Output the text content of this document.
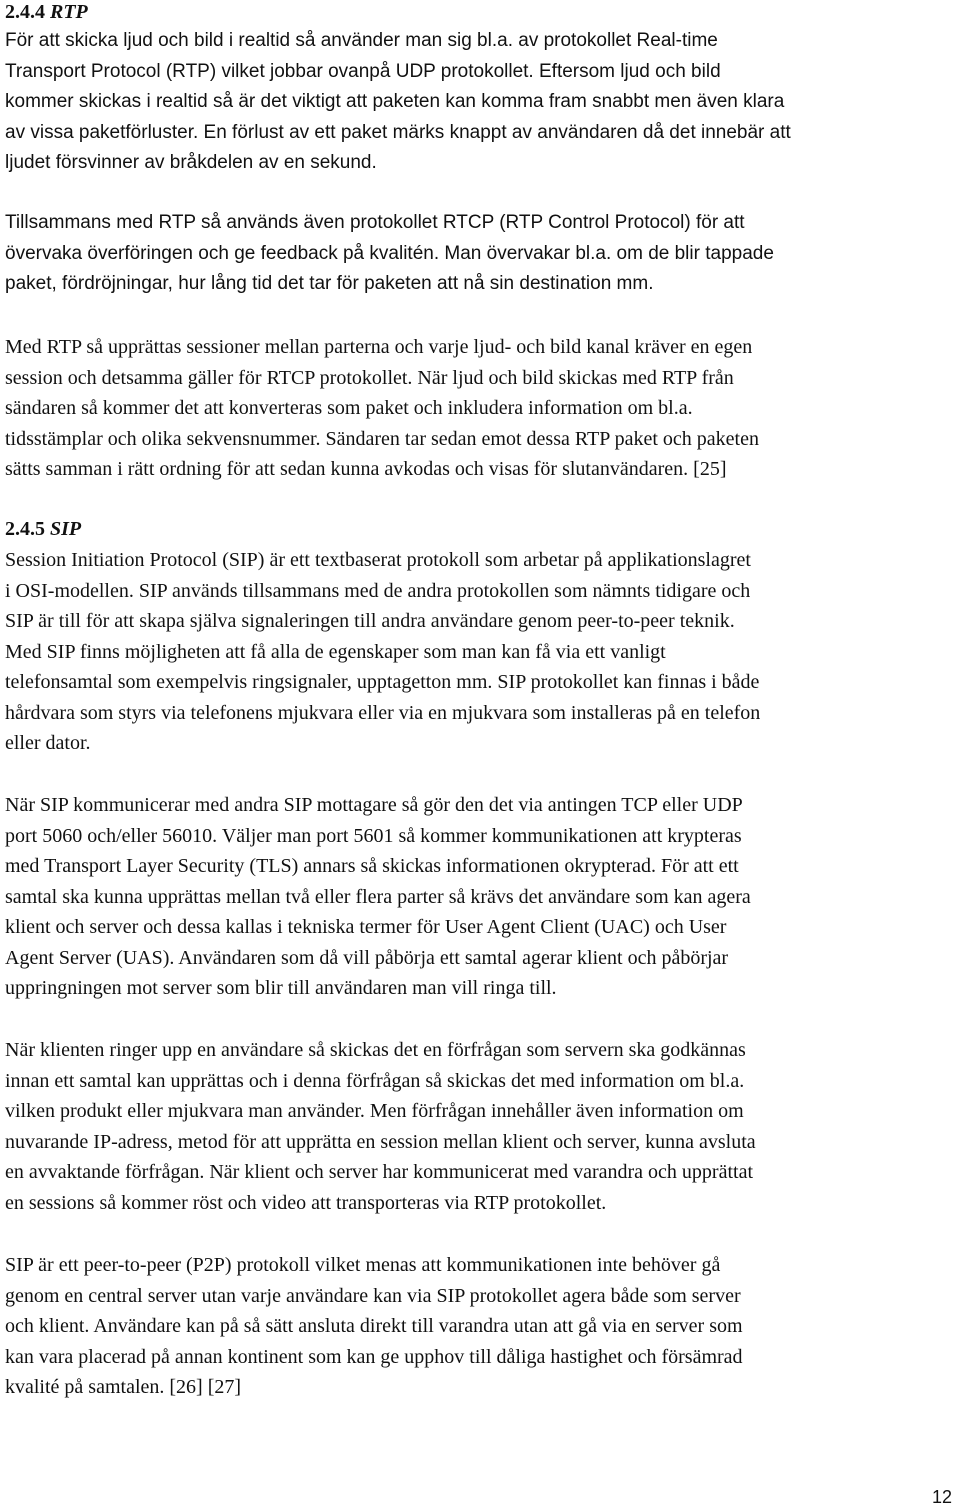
2.4.4 RTP

För att skicka ljud och bild i realtid så använder man sig bl.a. av protokollet Real-time
Transport Protocol (RTP) vilket jobbar ovanpå UDP protokollet. Eftersom ljud och bild
kommer skickas i realtid så är det viktigt att paketen kan komma fram snabbt men även klara
av vissa paketförluster. En förlust av ett paket märks knappt av användaren då det innebär att
ljudet försvinner av bråkdelen av en sekund.

Tillsammans med RTP så används även protokollet RTCP (RTP Control Protocol) för att
övervaka överföringen och ge feedback på kvalitén. Man övervakar bl.a. om de blir tappade
paket, fördröjningar, hur lång tid det tar för paketen att nå sin destination mm.

Med RTP så upprättas sessioner mellan parterna och varje ljud- och bild kanal kräver en egen
session och detsamma gäller för RTCP protokollet. När ljud och bild skickas med RTP från
sändaren så kommer det att konverteras som paket och inkludera information om bl.a.
tidsstämplar och olika sekvensnummer. Sändaren tar sedan emot dessa RTP paket och paketen
sätts samman i rätt ordning för att sedan kunna avkodas och visas för slutanvändaren. [25]

2.4.5 SIP

Session Initiation Protocol (SIP) är ett textbaserat protokoll som arbetar på applikationslagret
i OSI-modellen. SIP används tillsammans med de andra protokollen som nämnts tidigare och
SIP är till för att skapa själva signaleringen till andra användare genom peer-to-peer teknik.
Med SIP finns möjligheten att få alla de egenskaper som man kan få via ett vanligt
telefonsamtal som exempelvis ringsignaler, upptagetton mm. SIP protokollet kan finnas i både
hårdvara som styrs via telefonens mjukvara eller via en mjukvara som installeras på en telefon
eller dator.

När SIP kommunicerar med andra SIP mottagare så gör den det via antingen TCP eller UDP
port 5060 och/eller 56010. Väljer man port 5601 så kommer kommunikationen att krypteras
med Transport Layer Security (TLS) annars så skickas informationen okrypterad. För att ett
samtal ska kunna upprättas mellan två eller flera parter så krävs det användare som kan agera
klient och server och dessa kallas i tekniska termer för User Agent Client (UAC) och User
Agent Server (UAS). Användaren som då vill påbörja ett samtal agerar klient och påbörjar
uppringningen mot server som blir till användaren man vill ringa till.

När klienten ringer upp en användare så skickas det en förfrågan som servern ska godkännas
innan ett samtal kan upprättas och i denna förfrågan så skickas det med information om bl.a.
vilken produkt eller mjukvara man använder. Men förfrågan innehåller även information om
nuvarande IP-adress, metod för att upprätta en session mellan klient och server, kunna avsluta
en avvaktande förfrågan. När klient och server har kommunicerat med varandra och upprättat
en sessions så kommer röst och video att transporteras via RTP protokollet.

SIP är ett peer-to-peer (P2P) protokoll vilket menas att kommunikationen inte behöver gå
genom en central server utan varje användare kan via SIP protokollet agera både som server
och klient. Användare kan på så sätt ansluta direkt till varandra utan att gå via en server som
kan vara placerad på annan kontinent som kan ge upphov till dåliga hastighet och försämrad
kvalité på samtalen. [26] [27]

12
